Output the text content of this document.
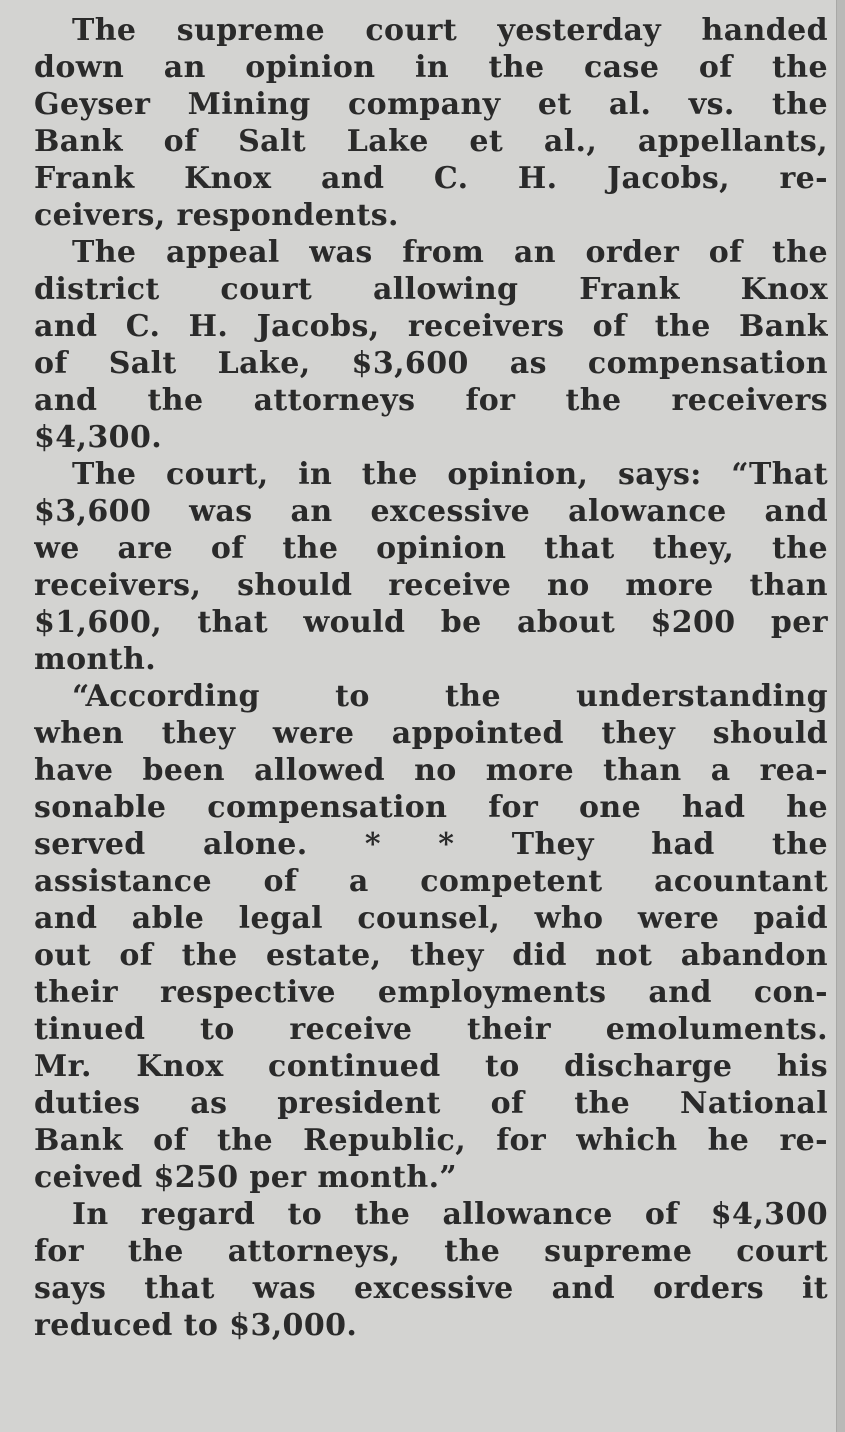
The supreme court yesterday handed
down an opinion in the case of the
Geyser Mining company et al. vs. the
Bank of Salt Lake et al., appellants,
Frank Knox and C. H. Jacobs, re-
ceivers, respondents.

The appeal was from an order of the
district court allowing Frank Knox
and C. H. Jacobs, receivers of the Bank
of Salt Lake, $3,600 as compensation
and the attorneys for the receivers
$4,300.

The court, in the opinion, says: “That
$3,600 was an excessive alowance and
we are of the opinion that they, the
receivers, should receive no more than
$1,600, that would be about $200 per
month.

“According to the understanding
when they were appointed they should
have been allowed no more than a rea-
sonable compensation for one had he
served alone. * * They had the
assistance of a competent acountant
and able legal counsel, who were paid
out of the estate, they did not abandon
their respective employments and con-
tinued to receive their emoluments.
Mr. Knox continued to discharge his
duties as president of the National
Bank of the Republic, for which he re-
ceived $250 per month.”

In regard to the allowance of $4,300
for the attorneys, the supreme court
says that was excessive and orders it
reduced to $3,000.
